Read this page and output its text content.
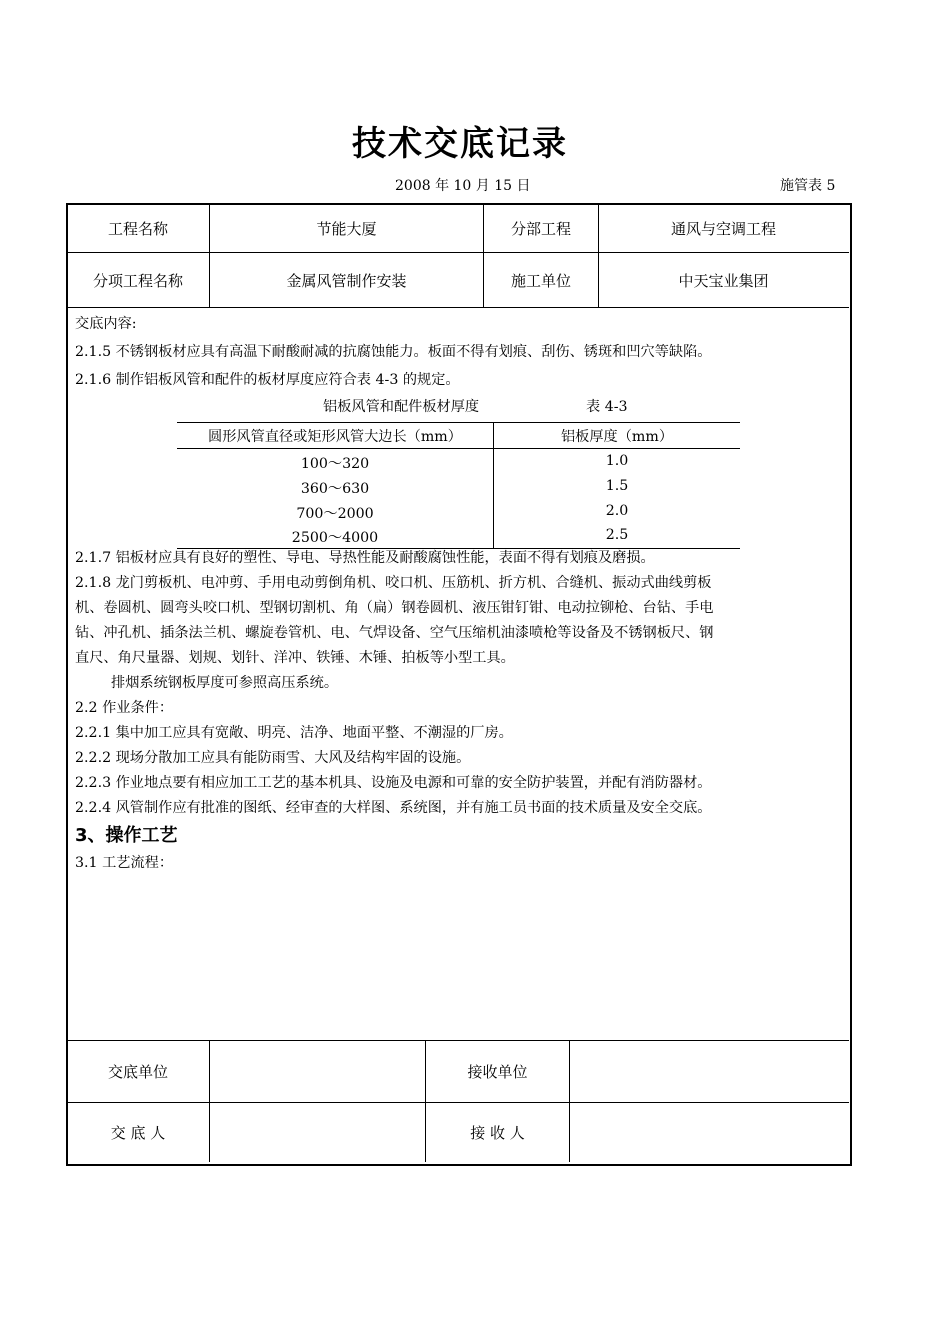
技术交底记录
2008 年 10 月 15 日	施管表 5
工程名称	节能大厦	分部工程	通风与空调工程
分项工程名称	金属风管制作安装	施工单位	中天宝业集团
交底内容:
2.1.5 不锈钢板材应具有高温下耐酸耐减的抗腐蚀能力。板面不得有划痕、刮伤、锈斑和凹穴等缺陷。
2.1.6 制作铝板风管和配件的板材厚度应符合表 4-3 的规定。
铝板风管和配件板材厚度	表 4-3
圆形风管直径或矩形风管大边长（mm）	铝板厚度（mm）
100～320	1.0
360～630	1.5
700～2000	2.0
2500～4000	2.5
2.1.7 铝板材应具有良好的塑性、导电、导热性能及耐酸腐蚀性能，表面不得有划痕及磨损。
2.1.8 龙门剪板机、电冲剪、手用电动剪倒角机、咬口机、压筋机、折方机、合缝机、振动式曲线剪板
机、卷圆机、圆弯头咬口机、型钢切割机、角（扁）钢卷圆机、液压钳钉钳、电动拉铆枪、台钻、手电
钻、冲孔机、插条法兰机、螺旋卷管机、电、气焊设备、空气压缩机油漆喷枪等设备及不锈钢板尺、钢
直尺、角尺量器、划规、划针、洋冲、铁锤、木锤、拍板等小型工具。
排烟系统钢板厚度可参照高压系统。
2.2 作业条件：
2.2.1 集中加工应具有宽敞、明亮、洁净、地面平整、不潮湿的厂房。
2.2.2 现场分散加工应具有能防雨雪、大风及结构牢固的设施。
2.2.3 作业地点要有相应加工工艺的基本机具、设施及电源和可靠的安全防护装置，并配有消防器材。
2.2.4 风管制作应有批准的图纸、经审查的大样图、系统图，并有施工员书面的技术质量及安全交底。
3、操作工艺
3.1 工艺流程：
交底单位	接收单位
交 底 人	接 收 人
